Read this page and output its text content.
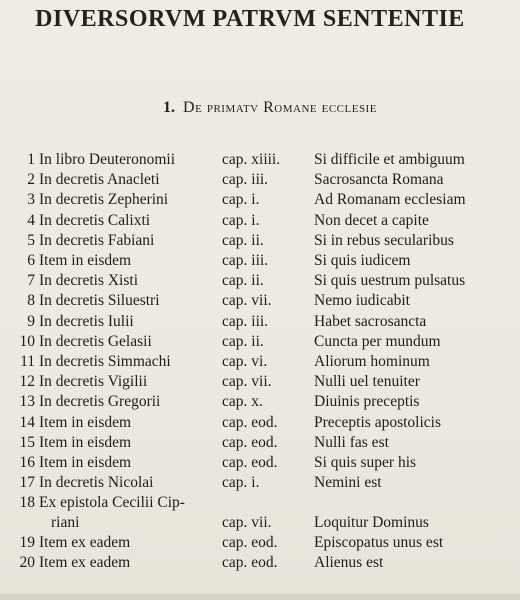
DIVERSORVM PATRVM SENTENTIE
1. De primatv Romane ecclesie
1	In libro Deuteronomii	cap. xiiii.	Si difficile et ambiguum
2	In decretis Anacleti	cap. iii.	Sacrosancta Romana
3	In decretis Zepherini	cap. i.	Ad Romanam ecclesiam
4	In decretis Calixti	cap. i.	Non decet a capite
5	In decretis Fabiani	cap. ii.	Si in rebus secularibus
6	Item in eisdem	cap. iii.	Si quis iudicem
7	In decretis Xisti	cap. ii.	Si quis uestrum pulsatus
8	In decretis Siluestri	cap. vii.	Nemo iudicabit
9	In decretis Iulii	cap. iii.	Habet sacrosancta
10	In decretis Gelasii	cap. ii.	Cuncta per mundum
11	In decretis Simmachi	cap. vi.	Aliorum hominum
12	In decretis Vigilii	cap. vii.	Nulli uel tenuiter
13	In decretis Gregorii	cap. x.	Diuinis preceptis
14	Item in eisdem	cap. eod.	Preceptis apostolicis
15	Item in eisdem	cap. eod.	Nulli fas est
16	Item in eisdem	cap. eod.	Si quis super his
17	In decretis Nicolai	cap. i.	Nemini est
18	Ex epistola Cecilii Cip-
riani	cap. vii.	Loquitur Dominus
19	Item ex eadem	cap. eod.	Episcopatus unus est
20	Item ex eadem	cap. eod.	Alienus est
